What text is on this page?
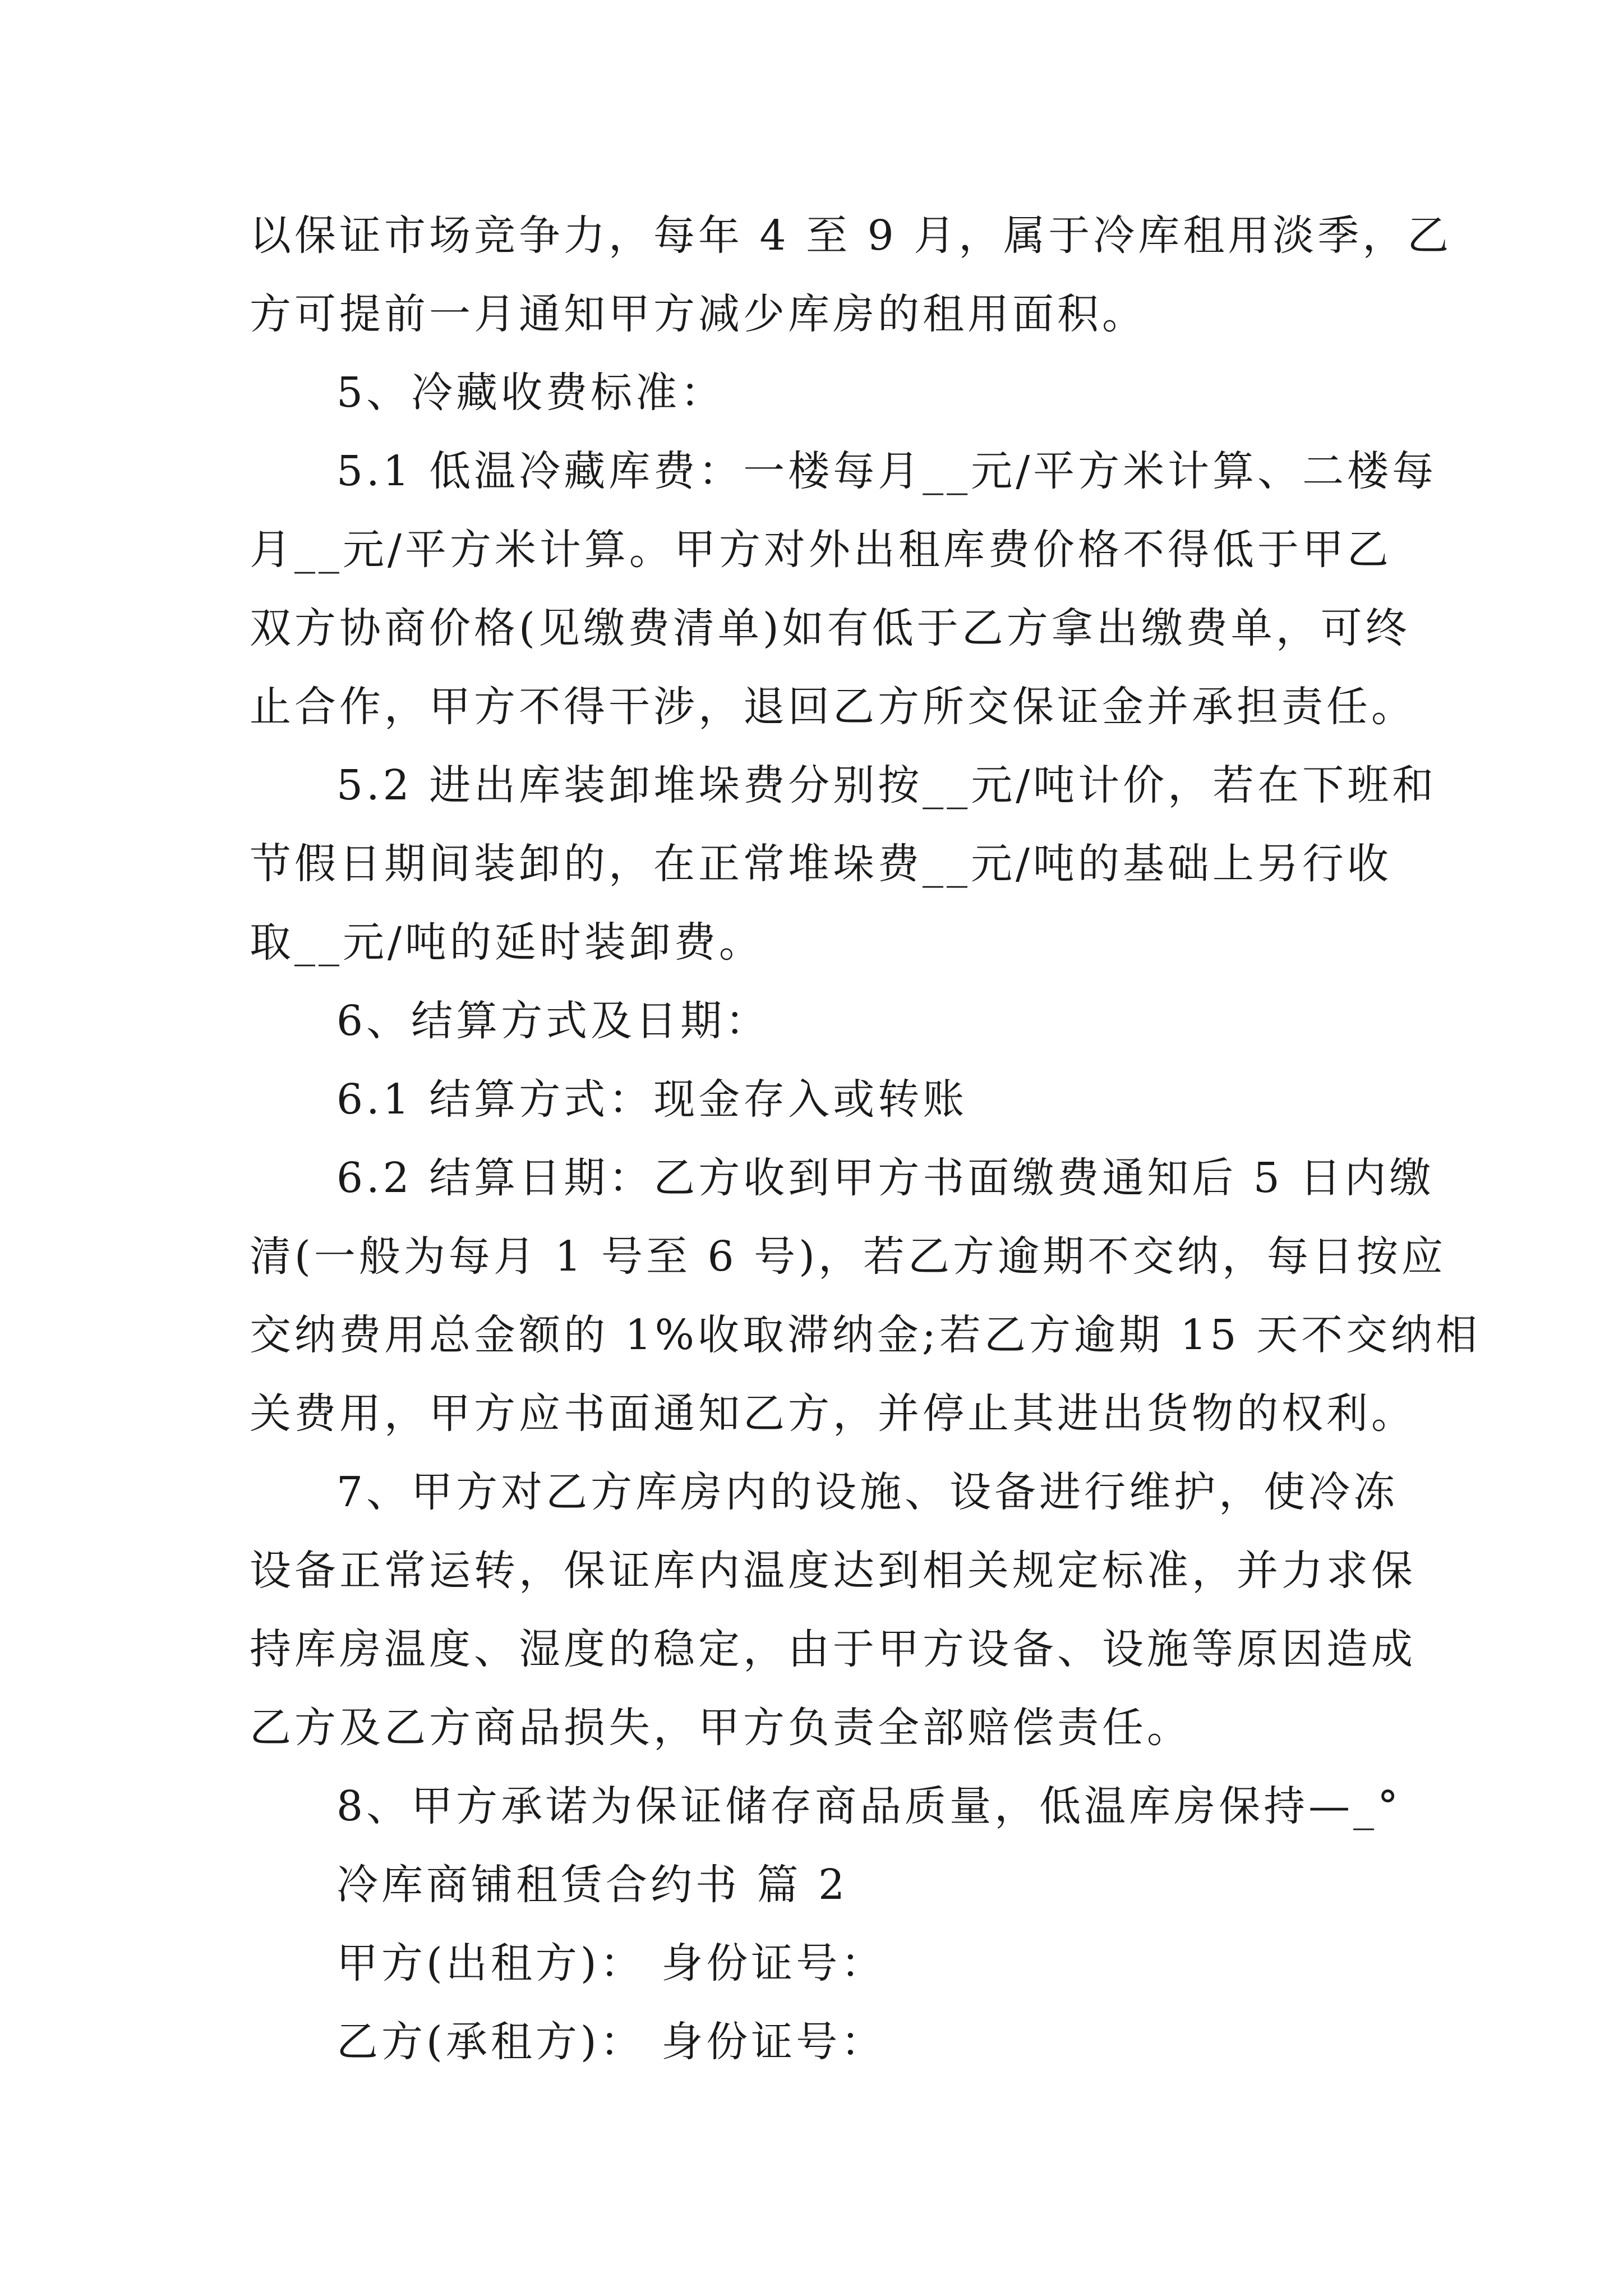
以保证市场竞争力，每年 4 至 9 月，属于冷库租用淡季，乙
方可提前一月通知甲方减少库房的租用面积。
5、冷藏收费标准：
5.1 低温冷藏库费：一楼每月__元/平方米计算、二楼每
月__元/平方米计算。甲方对外出租库费价格不得低于甲乙
双方协商价格(见缴费清单)如有低于乙方拿出缴费单，可终
止合作，甲方不得干涉，退回乙方所交保证金并承担责任。
5.2 进出库装卸堆垛费分别按__元/吨计价，若在下班和
节假日期间装卸的，在正常堆垛费__元/吨的基础上另行收
取__元/吨的延时装卸费。
6、结算方式及日期：
6.1 结算方式：现金存入或转账
6.2 结算日期：乙方收到甲方书面缴费通知后 5 日内缴
清(一般为每月 1 号至 6 号)，若乙方逾期不交纳，每日按应
交纳费用总金额的 1%收取滞纳金;若乙方逾期 15 天不交纳相
关费用，甲方应书面通知乙方，并停止其进出货物的权利。
7、甲方对乙方库房内的设施、设备进行维护，使冷冻
设备正常运转，保证库内温度达到相关规定标准，并力求保
持库房温度、湿度的稳定，由于甲方设备、设施等原因造成
乙方及乙方商品损失，甲方负责全部赔偿责任。
8、甲方承诺为保证储存商品质量，低温库房保持—_°
冷库商铺租赁合约书 篇 2
甲方(出租方)： 身份证号：
乙方(承租方)： 身份证号：
